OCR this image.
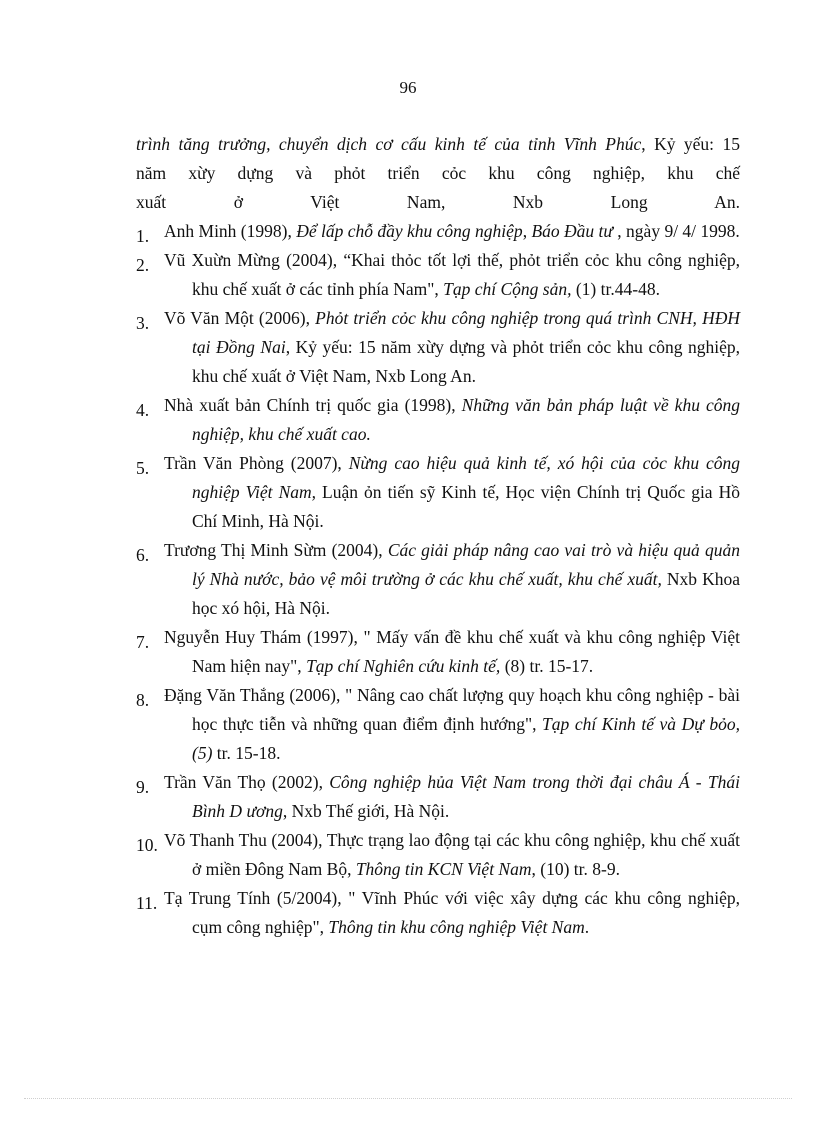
96

trình tăng trưởng, chuyển dịch cơ cấu kinh tế của tỉnh Vĩnh Phúc, Kỷ yếu: 15

năm xừy dựng và phỏt triển cỏc khu công nghiệp, khu chế

xuất ở Việt Nam, Nxb Long An.

1. Anh Minh (1998), Để lấp chỗ đầy khu công nghiệp, Báo Đầu tư , ngày 9/ 4/ 1998.
2. Vũ Xuừn Mừng (2004), “Khai thỏc tốt lợi thế, phỏt triển cỏc khu công nghiệp, khu chế xuất ở các tỉnh phía Nam", Tạp chí Cộng sản, (1) tr.44-48.
3. Võ Văn Một (2006), Phỏt triển cỏc khu công nghiệp trong quá trình CNH, HĐH tại Đồng Nai, Kỷ yếu: 15 năm xừy dựng và phỏt triển cỏc khu công nghiệp, khu chế xuất ở Việt Nam, Nxb Long An.
4. Nhà xuất bản Chính trị quốc gia (1998), Những văn bản pháp luật về khu công nghiệp, khu chế xuất cao.
5. Trần Văn Phòng (2007), Nừng cao hiệu quả kinh tế, xó hội của cỏc khu công nghiệp Việt Nam, Luận ỏn tiến sỹ Kinh tế, Học viện Chính trị Quốc gia Hồ Chí Minh, Hà Nội.
6. Trương Thị Minh Sừm (2004), Các giải pháp nâng cao vai trò và hiệu quả quản lý Nhà nước, bảo vệ môi trường ở các khu chế xuất, khu chế xuất, Nxb Khoa học xó hội, Hà Nội.
7. Nguyễn Huy Thám (1997), " Mấy vấn đề khu chế xuất và khu công nghiệp Việt Nam hiện nay", Tạp chí Nghiên cứu kinh tế, (8) tr. 15-17.
8. Đặng Văn Thắng (2006), " Nâng cao chất lượng quy hoạch khu công nghiệp - bài học thực tiễn và những quan điểm định hướng", Tạp chí Kinh tế và Dự bỏo, (5) tr. 15-18.
9. Trần Văn Thọ (2002), Công nghiệp hủa Việt Nam trong thời đại châu Á - Thái Bình D ương, Nxb Thế giới, Hà Nội.
10. Võ Thanh Thu (2004), Thực trạng lao động tại các khu công nghiệp, khu chế xuất ở miền Đông Nam Bộ, Thông tin KCN Việt Nam, (10) tr. 8-9.
11. Tạ Trung Tính (5/2004), " Vĩnh Phúc với việc xây dựng các khu công nghiệp, cụm công nghiệp", Thông tin khu công nghiệp Việt Nam.
